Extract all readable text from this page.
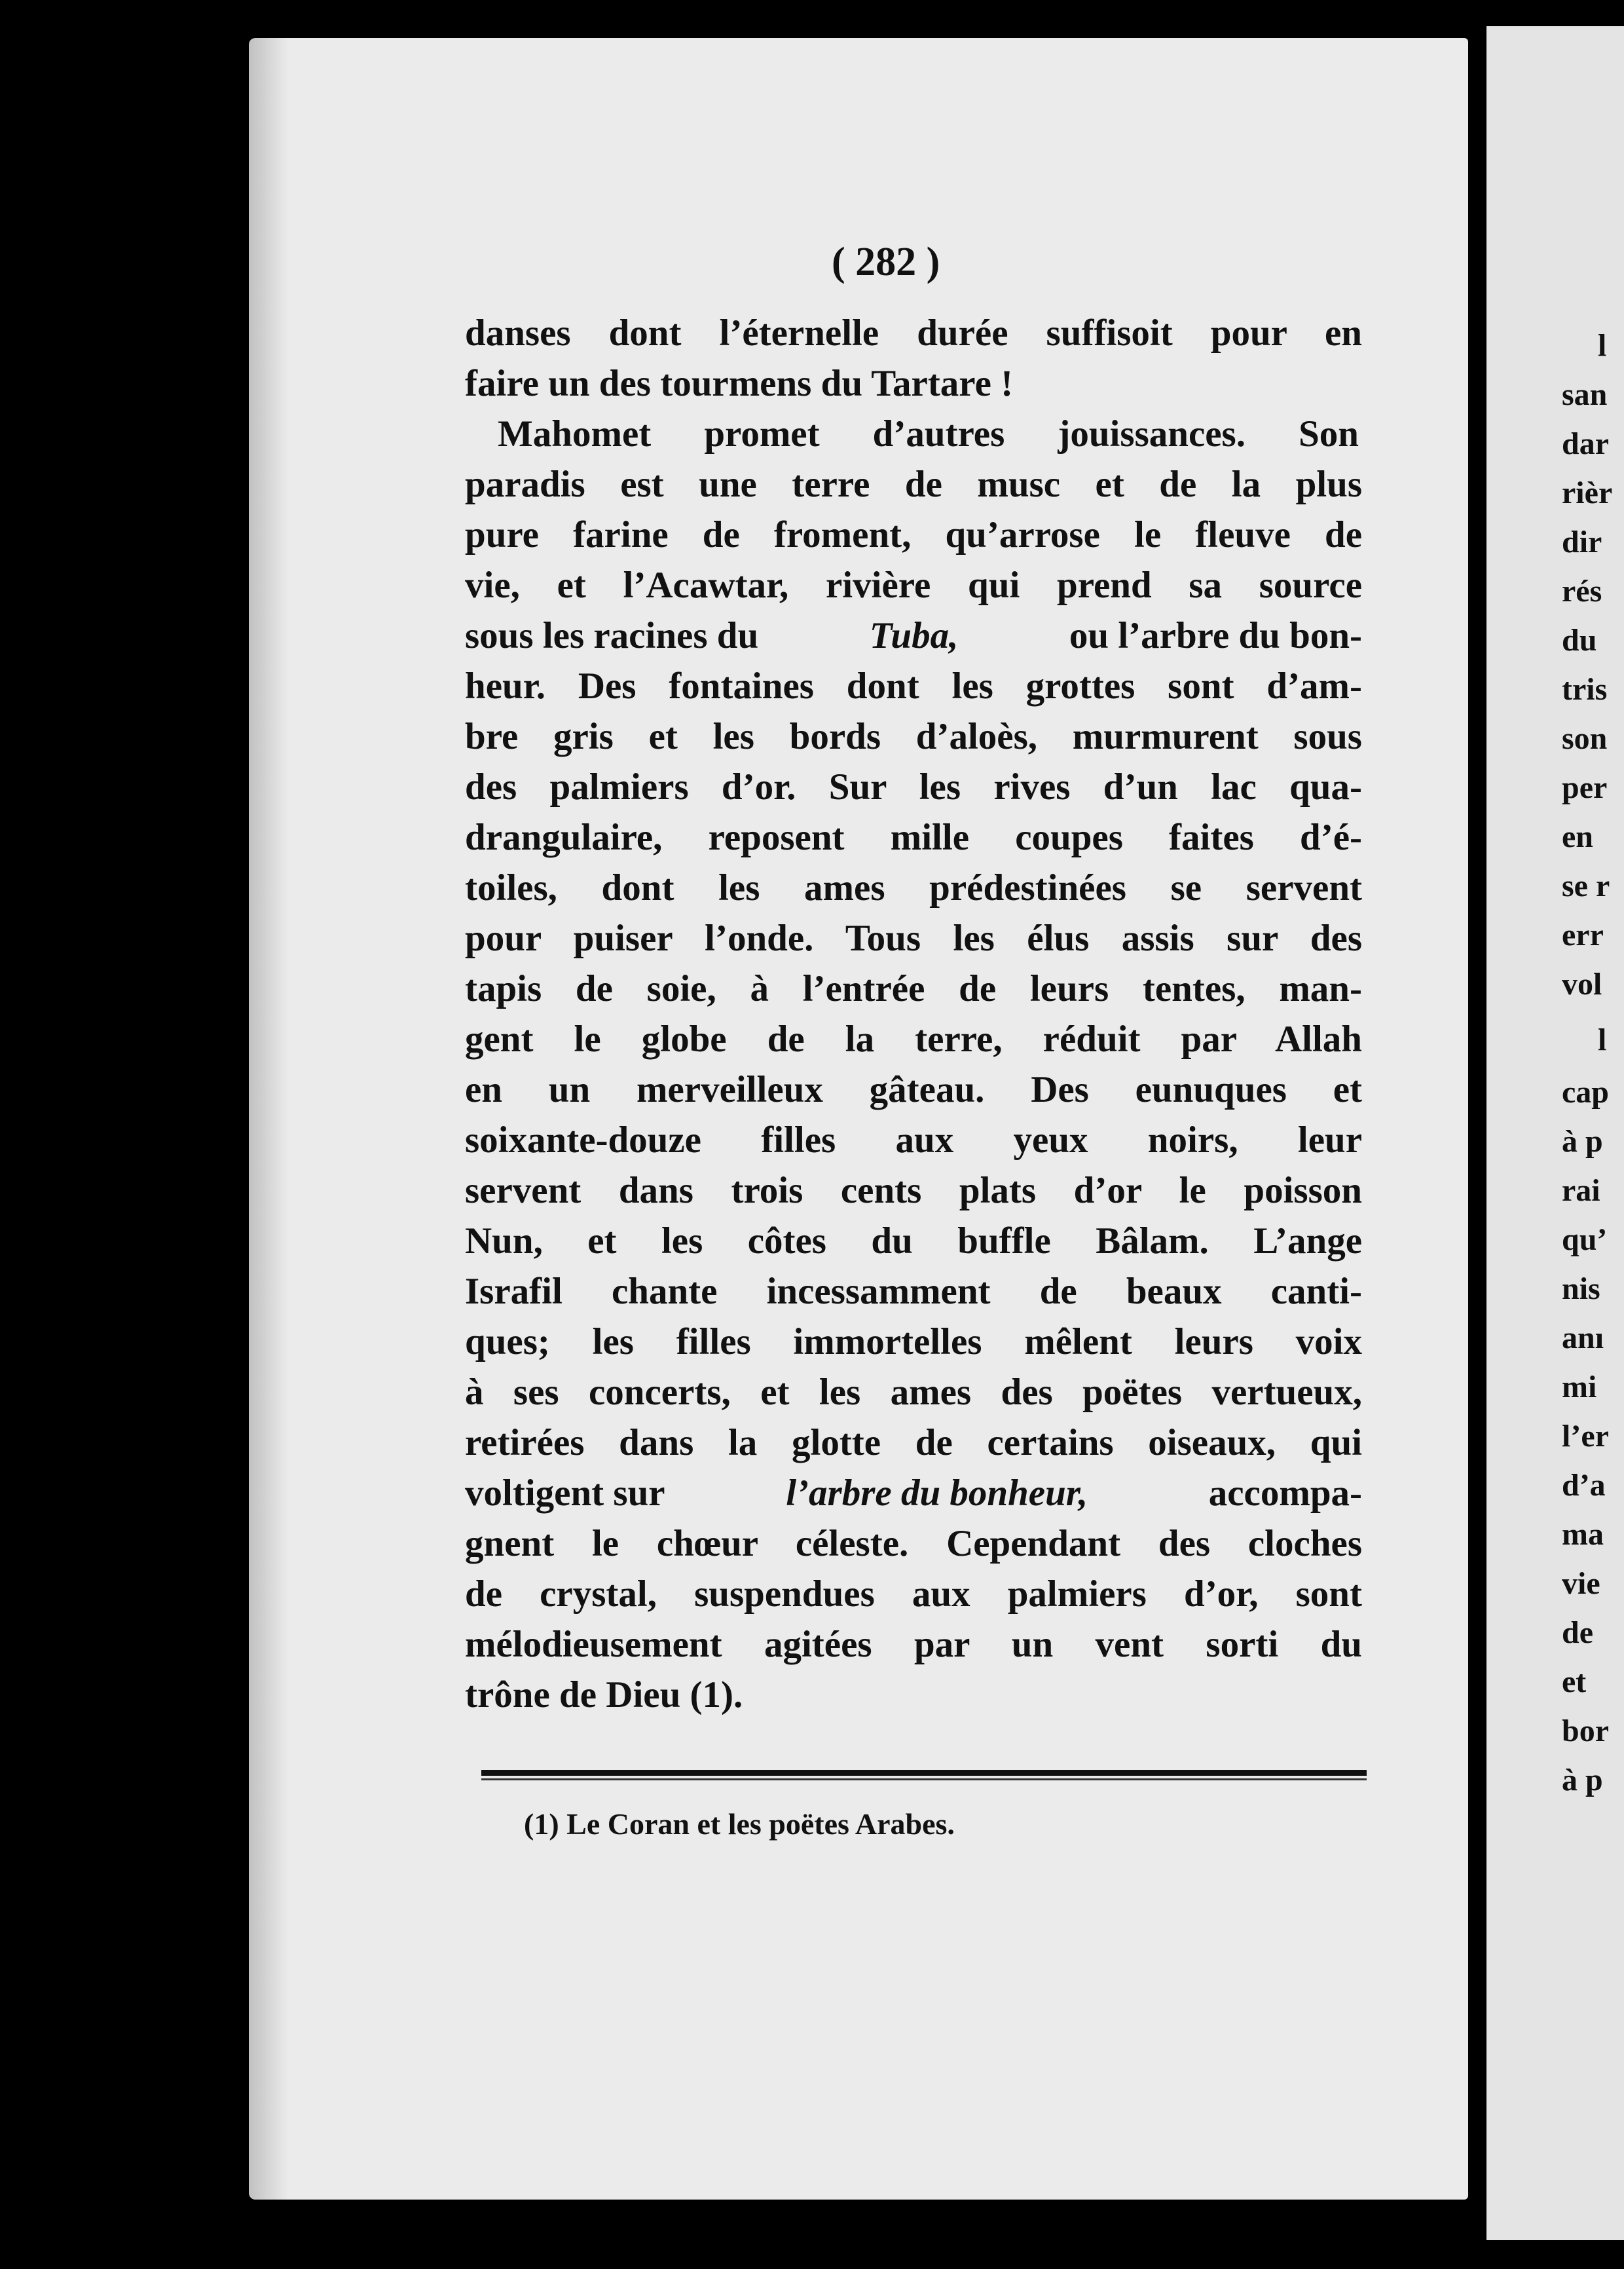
( 282 )
danses dont l’éternelle durée suffisoit pour en
faire un des tourmens du Tartare !
Mahomet promet d’autres jouissances. Son
paradis est une terre de musc et de la plus
pure farine de froment, qu’arrose le fleuve de
vie, et l’Acawtar, rivière qui prend sa source
sous les racines du	Tuba,	ou l’arbre du bon-
heur. Des fontaines dont les grottes sont d’am-
bre gris et les bords d’aloès, murmurent sous
des palmiers d’or. Sur les rives d’un lac qua-
drangulaire, reposent mille coupes faites d’é-
toiles, dont les ames prédestinées se servent
pour puiser l’onde. Tous les élus assis sur des
tapis de soie, à l’entrée de leurs tentes, man-
gent le globe de la terre, réduit par Allah
en un merveilleux gâteau. Des eunuques et
soixante-douze filles aux yeux noirs, leur
servent dans trois cents plats d’or le poisson
Nun, et les côtes du buffle Bâlam. L’ange
Israfil chante incessamment de beaux canti-
ques; les filles immortelles mêlent leurs voix
à ses concerts, et les ames des poëtes vertueux,
retirées dans la glotte de certains oiseaux, qui
voltigent sur	l’arbre du bonheur,	accompa-
gnent le chœur céleste. Cependant des cloches
de crystal, suspendues aux palmiers d’or, sont
mélodieusement agitées par un vent sorti du
trône de Dieu (1).
(1) Le Coran et les poëtes Arabes.
l
san
dar
rièr
dir
rés
du
tris
son
per
en
se r
err
vol
l
cap
à p
rai
qu’
nis
anı
mi
l’er
d’a
ma
vie
de
et
bor
à p
